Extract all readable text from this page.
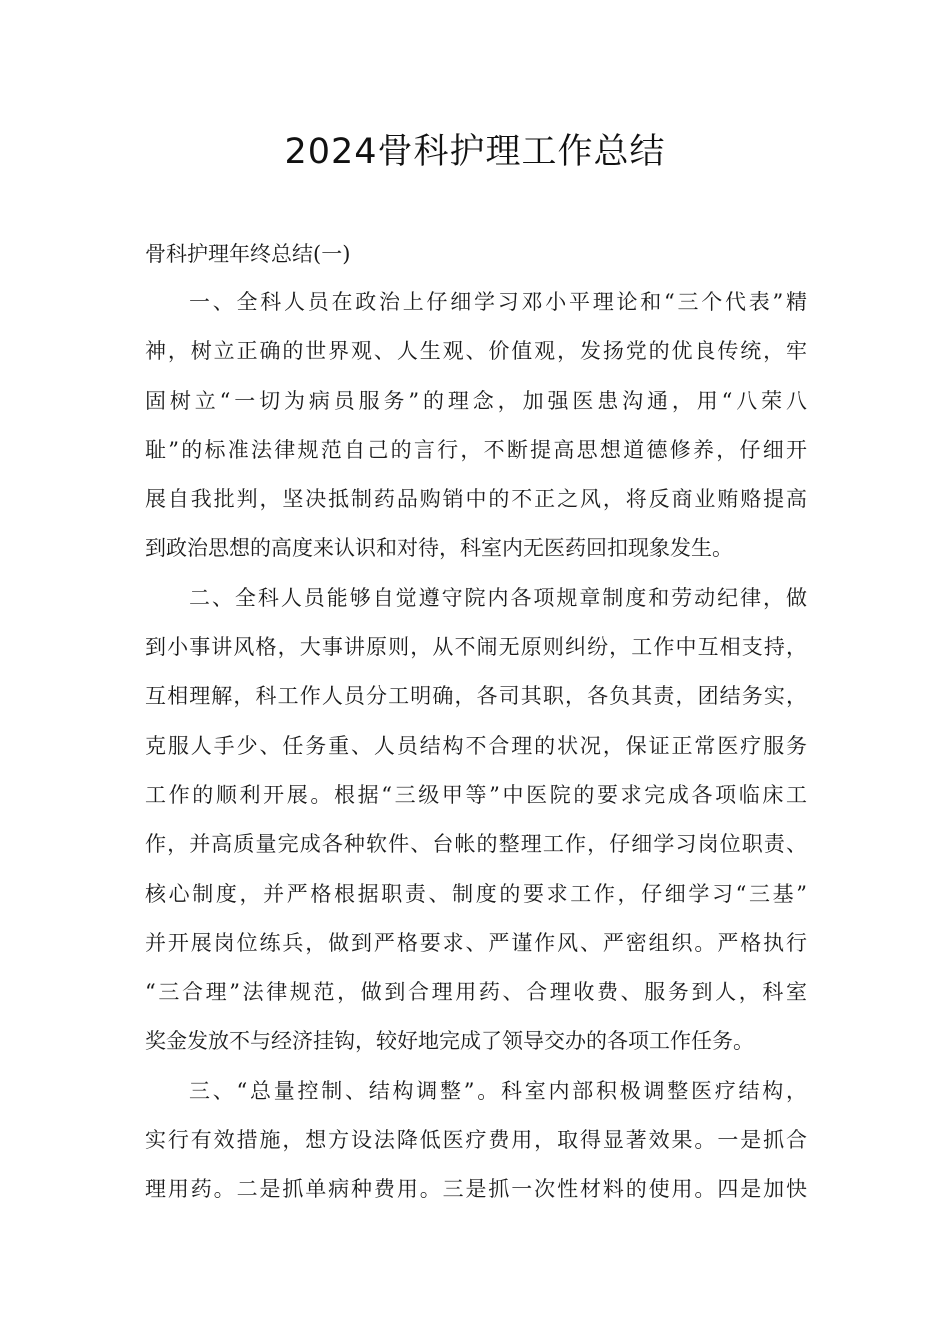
2024骨科护理工作总结
骨科护理年终总结(一)
一、全科人员在政治上仔细学习邓小平理论和“三个代表”精
神，树立正确的世界观、人生观、价值观，发扬党的优良传统，牢
固树立“一切为病员服务”的理念，加强医患沟通，用“八荣八
耻”的标准法律规范自己的言行，不断提高思想道德修养，仔细开
展自我批判，坚决抵制药品购销中的不正之风，将反商业贿赂提高
到政治思想的高度来认识和对待，科室内无医药回扣现象发生。
二、全科人员能够自觉遵守院内各项规章制度和劳动纪律，做
到小事讲风格，大事讲原则，从不闹无原则纠纷，工作中互相支持，
互相理解，科工作人员分工明确，各司其职，各负其责，团结务实，
克服人手少、任务重、人员结构不合理的状况，保证正常医疗服务
工作的顺利开展。根据“三级甲等”中医院的要求完成各项临床工
作，并高质量完成各种软件、台帐的整理工作，仔细学习岗位职责、
核心制度，并严格根据职责、制度的要求工作，仔细学习“三基”
并开展岗位练兵，做到严格要求、严谨作风、严密组织。严格执行
“三合理”法律规范，做到合理用药、合理收费、服务到人，科室
奖金发放不与经济挂钩，较好地完成了领导交办的各项工作任务。
三、“总量控制、结构调整”。科室内部积极调整医疗结构，
实行有效措施，想方设法降低医疗费用，取得显著效果。一是抓合
理用药。二是抓单病种费用。三是抓一次性材料的使用。四是加快
